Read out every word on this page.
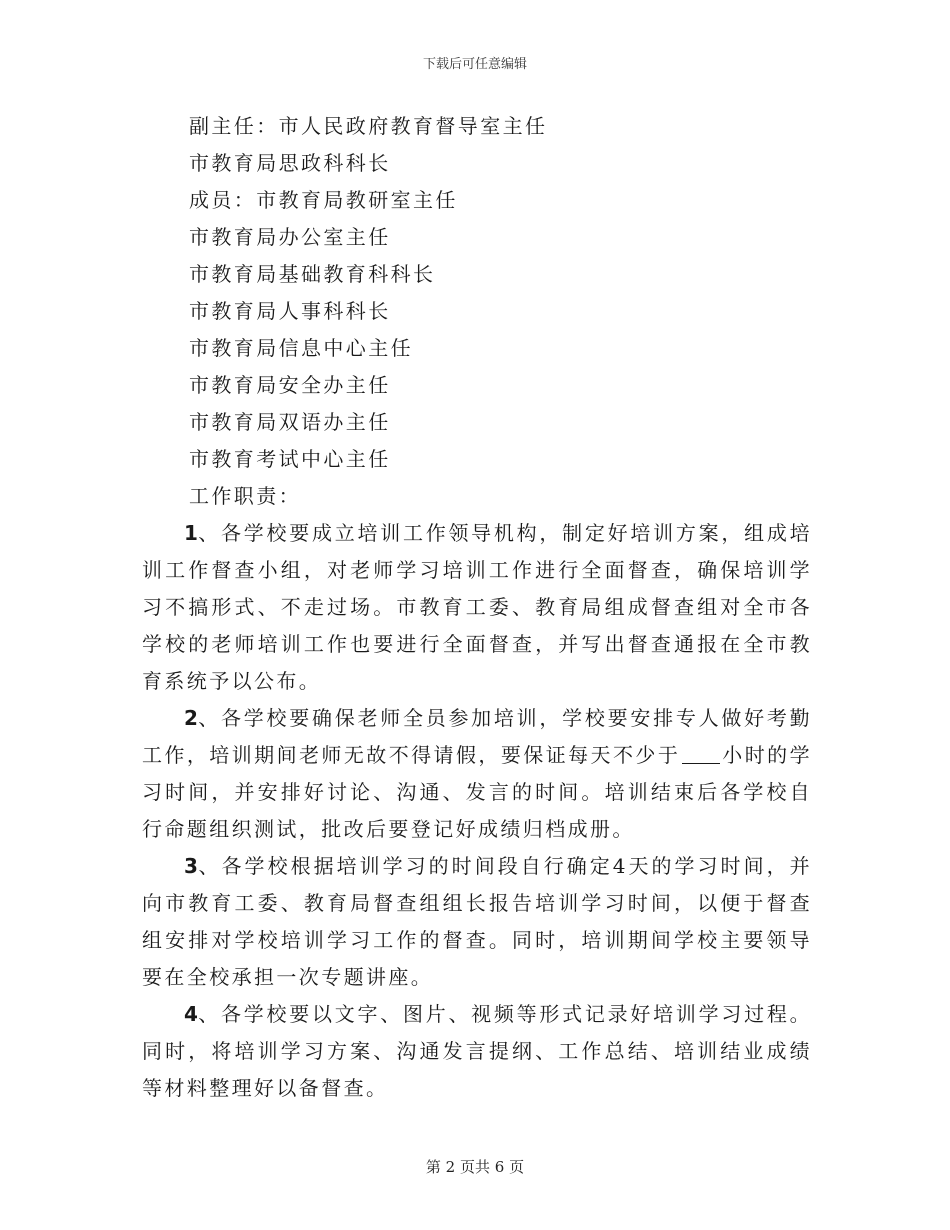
下载后可任意编辑
副主任：市人民政府教育督导室主任
市教育局思政科科长
成员：市教育局教研室主任
市教育局办公室主任
市教育局基础教育科科长
市教育局人事科科长
市教育局信息中心主任
市教育局安全办主任
市教育局双语办主任
市教育考试中心主任
工作职责：

1、各学校要成立培训工作领导机构，制定好培训方案，组成培训工作督查小组，对老师学习培训工作进行全面督查，确保培训学习不搞形式、不走过场。市教育工委、教育局组成督查组对全市各学校的老师培训工作也要进行全面督查，并写出督查通报在全市教育系统予以公布。

2、各学校要确保老师全员参加培训，学校要安排专人做好考勤工作，培训期间老师无故不得请假，要保证每天不少于 小时的学习时间，并安排好讨论、沟通、发言的时间。培训结束后各学校自行命题组织测试，批改后要登记好成绩归档成册。

3、各学校根据培训学习的时间段自行确定4天的学习时间，并向市教育工委、教育局督查组组长报告培训学习时间，以便于督查组安排对学校培训学习工作的督查。同时，培训期间学校主要领导要在全校承担一次专题讲座。

4、各学校要以文字、图片、视频等形式记录好培训学习过程。同时，将培训学习方案、沟通发言提纲、工作总结、培训结业成绩等材料整理好以备督查。

第 2 页共 6 页
